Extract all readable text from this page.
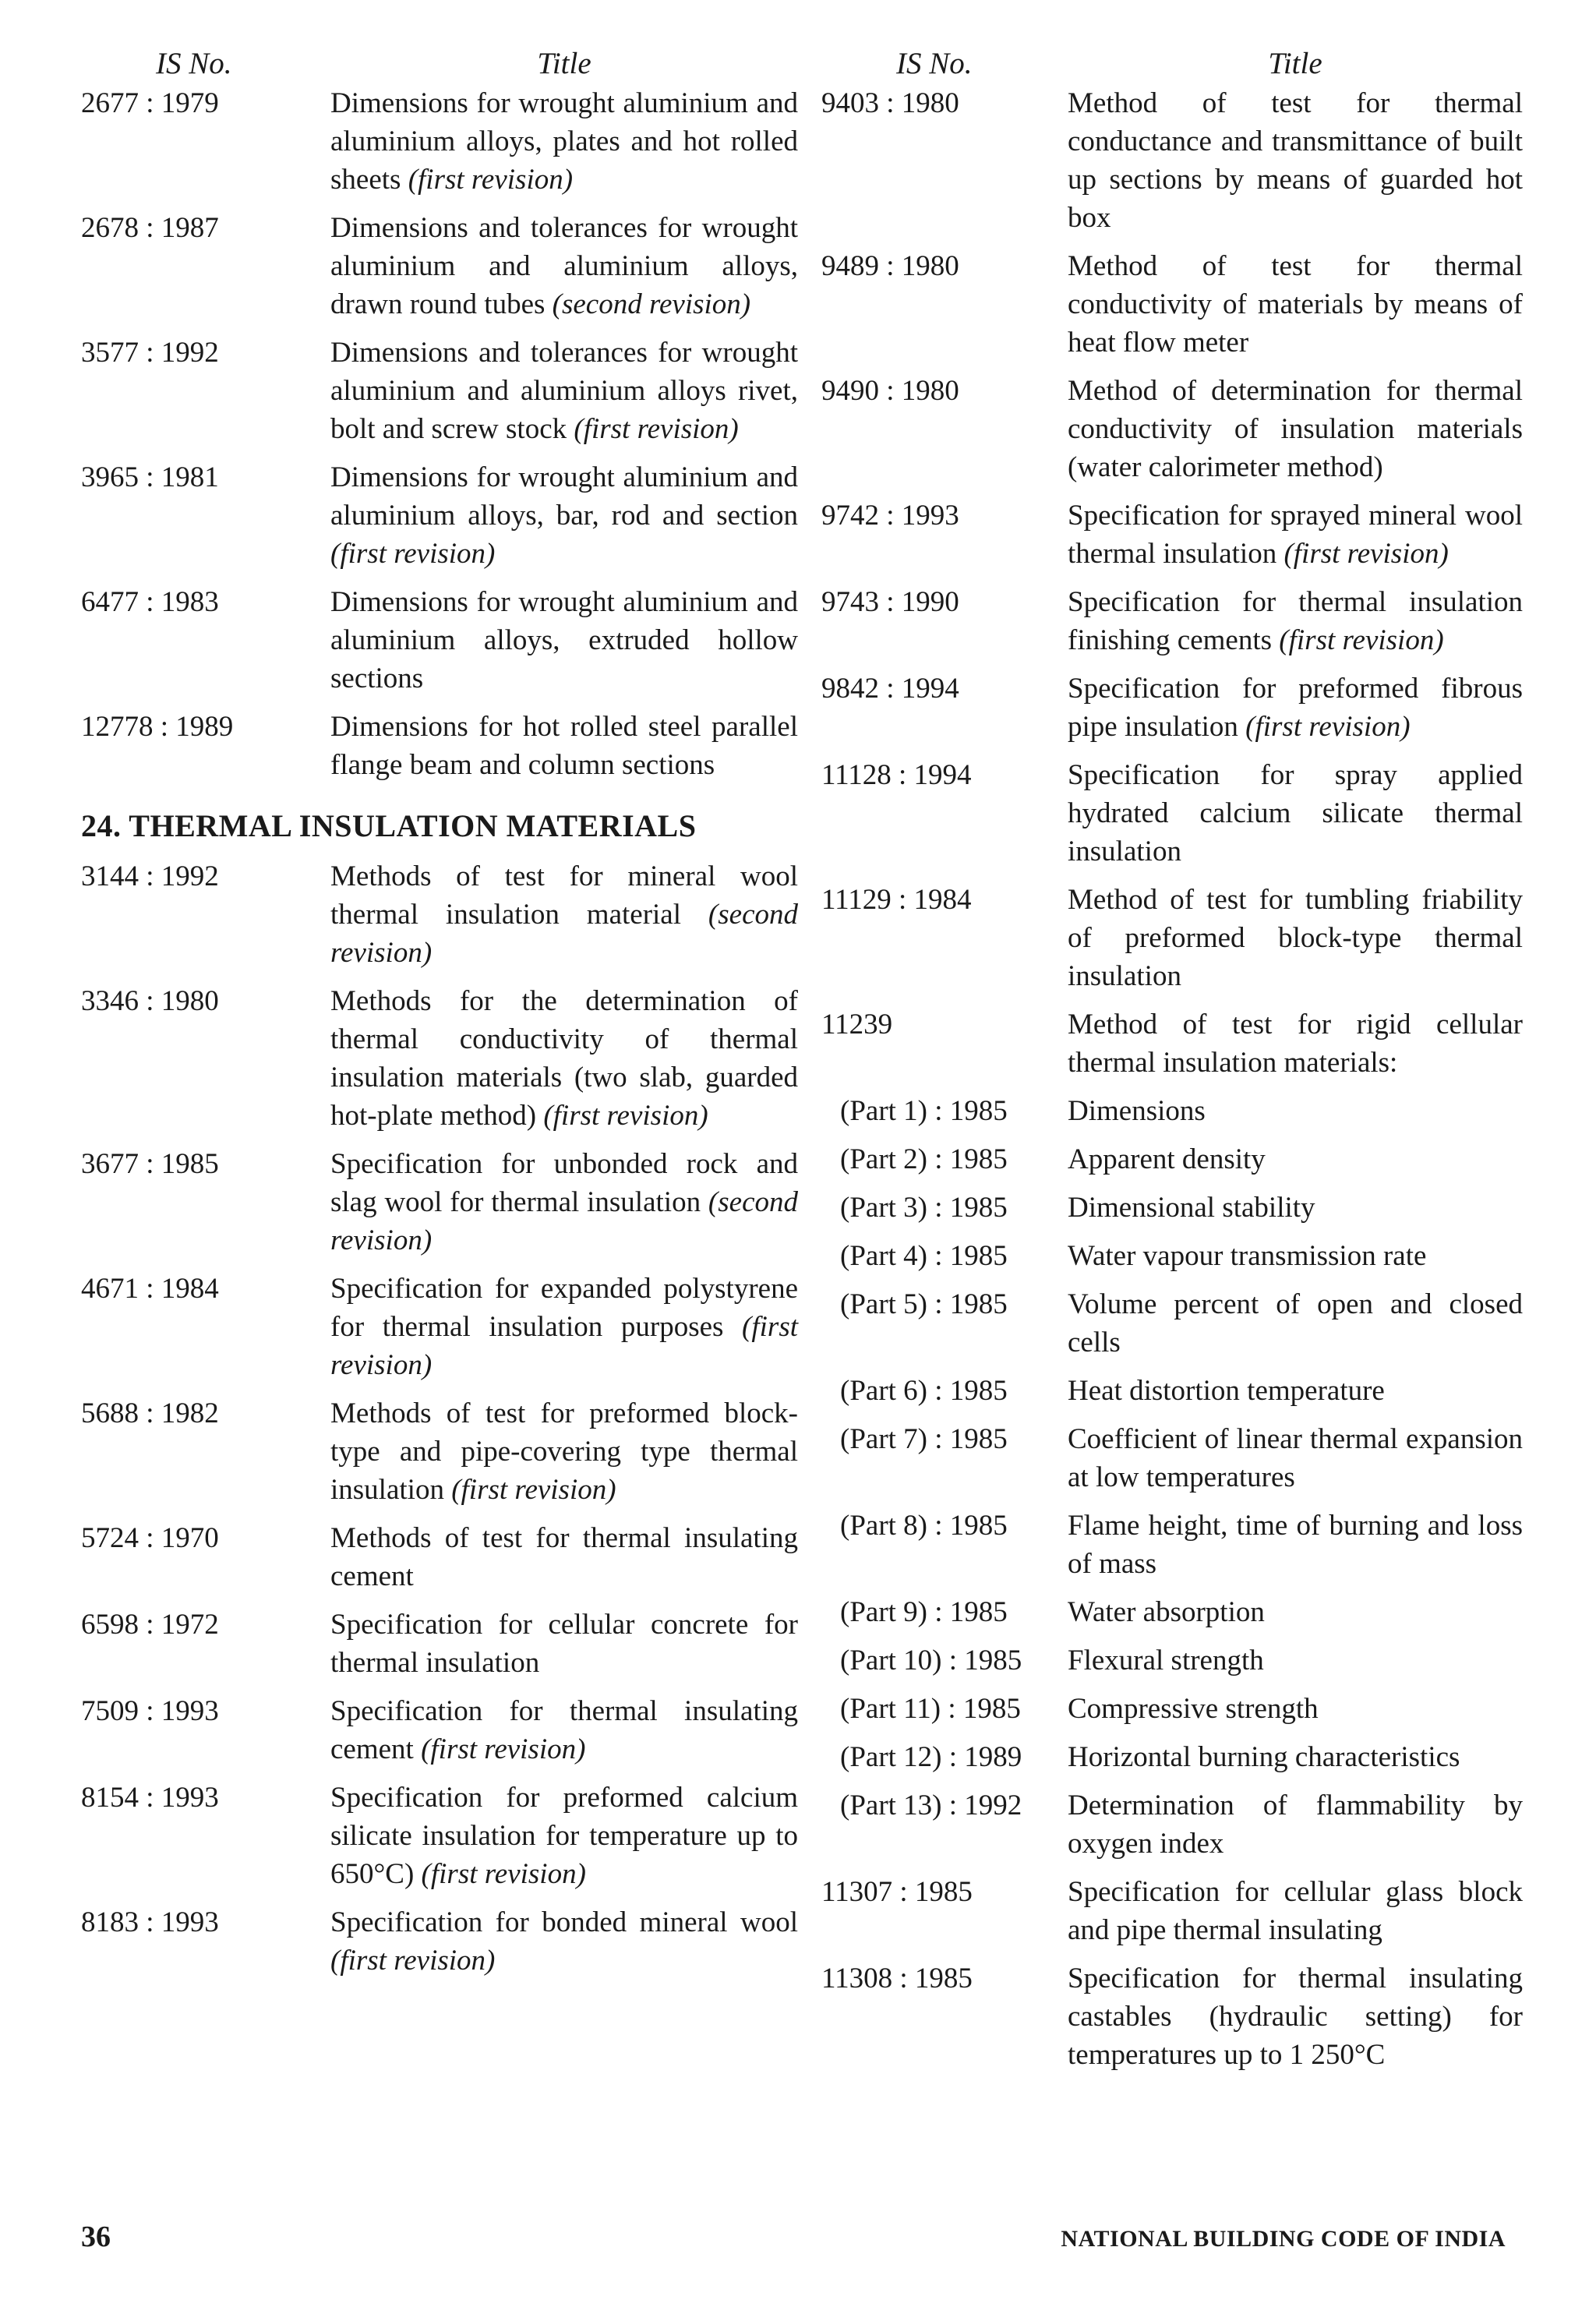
IS No.	Title
2677 : 1979	Dimensions for wrought aluminium and aluminium alloys, plates and hot rolled sheets (first revision)
2678 : 1987	Dimensions and tolerances for wrought aluminium and aluminium alloys, drawn round tubes (second revision)
3577 : 1992	Dimensions and tolerances for wrought aluminium and aluminium alloys rivet, bolt and screw stock (first revision)
3965 : 1981	Dimensions for wrought aluminium and aluminium alloys, bar, rod and section (first revision)
6477 : 1983	Dimensions for wrought aluminium and aluminium alloys, extruded hollow sections
12778 : 1989	Dimensions for hot rolled steel parallel flange beam and column sections
24. THERMAL INSULATION MATERIALS
3144 : 1992	Methods of test for mineral wool thermal insulation material (second revision)
3346 : 1980	Methods for the determination of thermal conductivity of thermal insulation materials (two slab, guarded hot-plate method) (first revision)
3677 : 1985	Specification for unbonded rock and slag wool for thermal insulation (second revision)
4671 : 1984	Specification for expanded polystyrene for thermal insulation purposes (first revision)
5688 : 1982	Methods of test for preformed block-type and pipe-covering type thermal insulation (first revision)
5724 : 1970	Methods of test for thermal insulating cement
6598 : 1972	Specification for cellular concrete for thermal insulation
7509 : 1993	Specification for thermal insulating cement (first revision)
8154 : 1993	Specification for preformed calcium silicate insulation for temperature up to 650°C) (first revision)
8183 : 1993	Specification for bonded mineral wool (first revision)
IS No.	Title
9403 : 1980	Method of test for thermal conductance and transmittance of built up sections by means of guarded hot box
9489 : 1980	Method of test for thermal conductivity of materials by means of heat flow meter
9490 : 1980	Method of determination for thermal conductivity of insulation materials (water calorimeter method)
9742 : 1993	Specification for sprayed mineral wool thermal insulation (first revision)
9743 : 1990	Specification for thermal insulation finishing cements (first revision)
9842 : 1994	Specification for preformed fibrous pipe insulation (first revision)
11128 : 1994	Specification for spray applied hydrated calcium silicate thermal insulation
11129 : 1984	Method of test for tumbling friability of preformed block-type thermal insulation
11239	Method of test for rigid cellular thermal insulation materials:
(Part 1) : 1985	Dimensions
(Part 2) : 1985	Apparent density
(Part 3) : 1985	Dimensional stability
(Part 4) : 1985	Water vapour transmission rate
(Part 5) : 1985	Volume percent of open and closed cells
(Part 6) : 1985	Heat distortion temperature
(Part 7) : 1985	Coefficient of linear thermal expansion at low temperatures
(Part 8) : 1985	Flame height, time of burning and loss of mass
(Part 9) : 1985	Water absorption
(Part 10) : 1985	Flexural strength
(Part 11) : 1985	Compressive strength
(Part 12) : 1989	Horizontal burning characteristics
(Part 13) : 1992	Determination of flammability by oxygen index
11307 : 1985	Specification for cellular glass block and pipe thermal insulating
11308 : 1985	Specification for thermal insulating castables (hydraulic setting) for temperatures up to 1 250°C
36	NATIONAL BUILDING CODE OF INDIA
